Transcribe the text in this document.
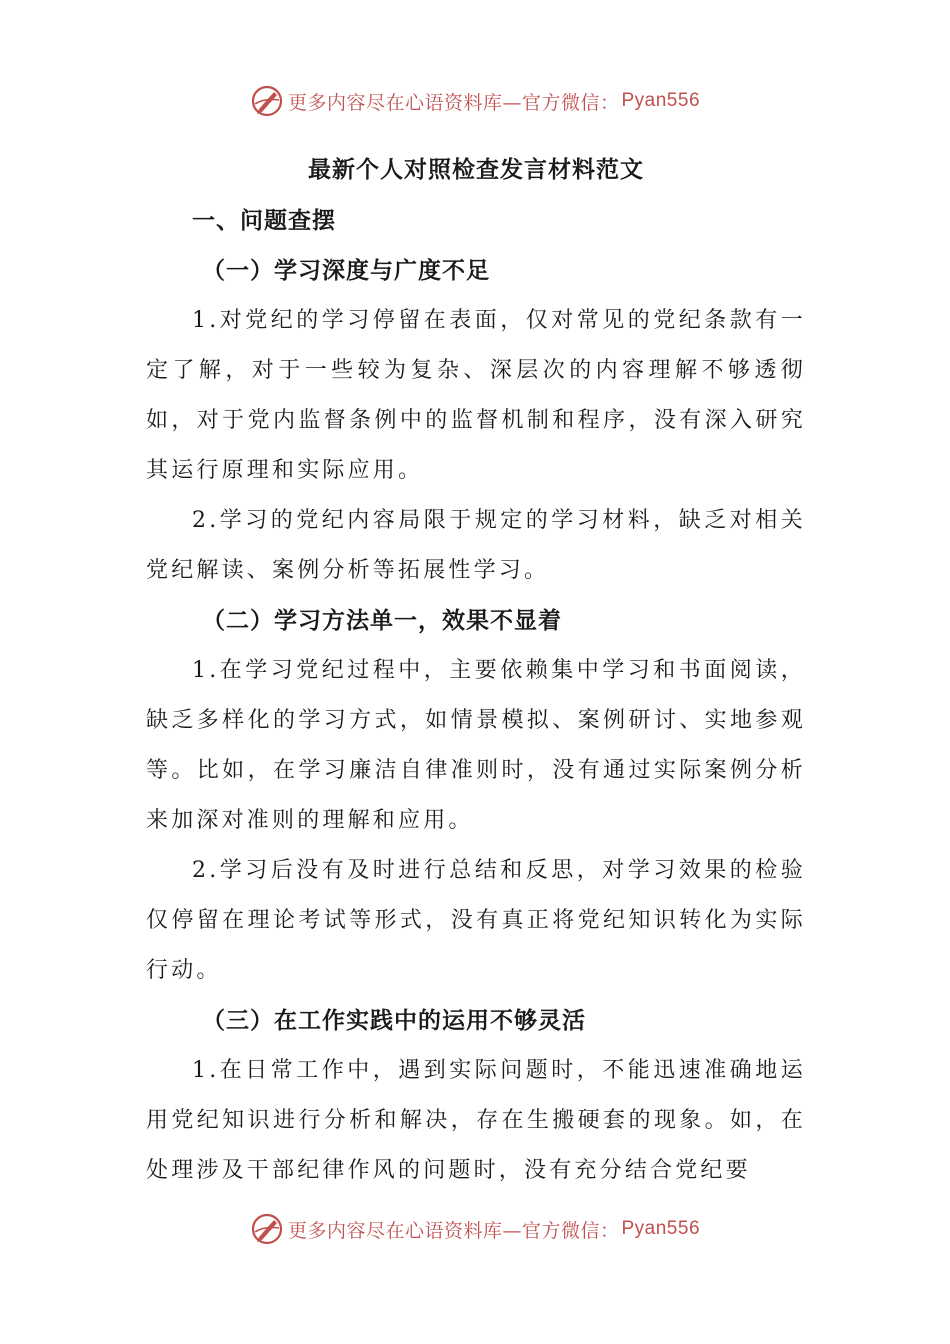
更多内容尽在心语资料库—官方微信： Pyan556
最新个人对照检查发言材料范文
一、问题查摆
（一）学习深度与广度不足

1.对党纪的学习停留在表面，仅对常见的党纪条款有一定了解，对于一些较为复杂、深层次的内容理解不够透彻如，对于党内监督条例中的监督机制和程序，没有深入研究其运行原理和实际应用。

2.学习的党纪内容局限于规定的学习材料，缺乏对相关党纪解读、案例分析等拓展性学习。

（二）学习方法单一，效果不显着

1.在学习党纪过程中，主要依赖集中学习和书面阅读，缺乏多样化的学习方式，如情景模拟、案例研讨、实地参观等。比如，在学习廉洁自律准则时，没有通过实际案例分析来加深对准则的理解和应用。

2.学习后没有及时进行总结和反思，对学习效果的检验仅停留在理论考试等形式，没有真正将党纪知识转化为实际行动。

（三）在工作实践中的运用不够灵活

1.在日常工作中，遇到实际问题时，不能迅速准确地运用党纪知识进行分析和解决，存在生搬硬套的现象。如，在处理涉及干部纪律作风的问题时，没有充分结合党纪要

更多内容尽在心语资料库—官方微信： Pyan556
